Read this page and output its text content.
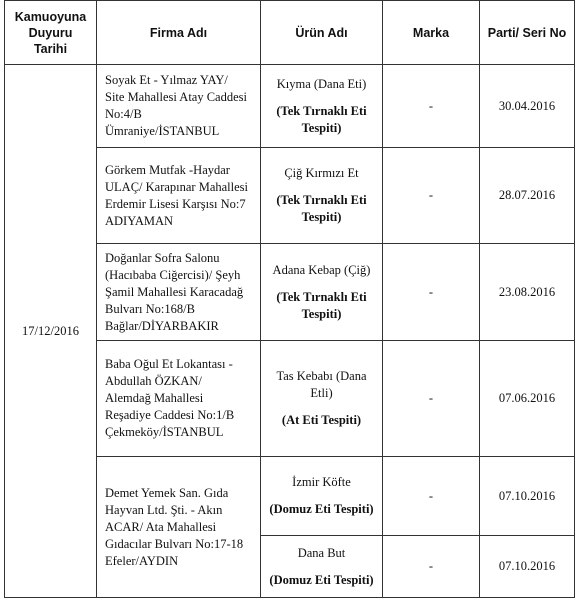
Kamuoyuna
Duyuru
Tarihi	Firma Adı	Ürün Adı	Marka	Parti/ Seri No
17/12/2016	Soyak Et - Yılmaz YAY/
Site Mahallesi Atay Caddesi
No:4/B
Ümraniye/İSTANBUL	Kıyma (Dana Eti)
(Tek Tırnaklı Eti
Tespiti)	-	30.04.2016

	Görkem Mutfak -Haydar
ULAÇ/ Karapınar Mahallesi
Erdemir Lisesi Karşısı No:7
ADIYAMAN	Çiğ Kırmızı Et
(Tek Tırnaklı Eti
Tespiti)	-	28.07.2016

	Doğanlar Sofra Salonu
(Hacıbaba Ciğercisi)/ Şeyh
Şamil Mahallesi Karacadağ
Bulvarı No:168/B
Bağlar/DİYARBAKIR	Adana Kebap (Çiğ)
(Tek Tırnaklı Eti
Tespiti)	-	23.08.2016

	Baba Oğul Et Lokantası -
Abdullah ÖZKAN/
Alemdağ Mahallesi
Reşadiye Caddesi No:1/B
Çekmeköy/İSTANBUL	Tas Kebabı (Dana Etli)
(At Eti Tespiti)	-	07.06.2016

	Demet Yemek San. Gıda
Hayvan Ltd. Şti. - Akın
ACAR/ Ata Mahallesi
Gıdacılar Bulvarı No:17-18
Efeler/AYDIN	İzmir Köfte
(Domuz Eti Tespiti)	-	07.10.2016

		Dana But
(Domuz Eti Tespiti)	-	07.10.2016
